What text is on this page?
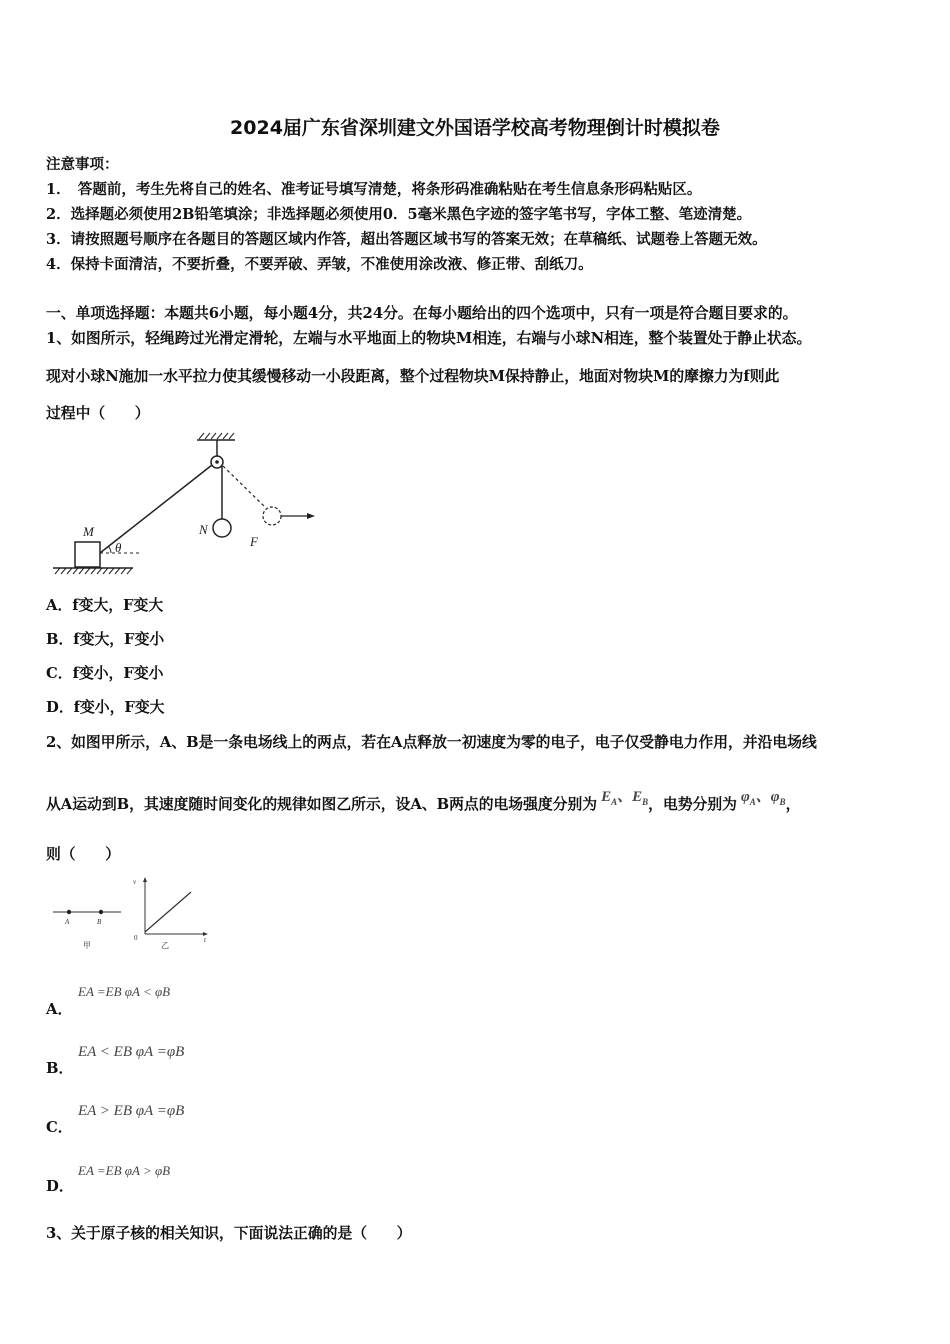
2024届广东省深圳建文外国语学校高考物理倒计时模拟卷
注意事项：
1．　答题前，考生先将自己的姓名、准考证号填写清楚，将条形码准确粘贴在考生信息条形码粘贴区。
2．选择题必须使用2B铅笔填涂；非选择题必须使用0．5毫米黑色字迹的签字笔书写，字体工整、笔迹清楚。
3．请按照题号顺序在各题目的答题区域内作答，超出答题区域书写的答案无效；在草稿纸、试题卷上答题无效。
4．保持卡面清洁，不要折叠，不要弄破、弄皱，不准使用涂改液、修正带、刮纸刀。
一、单项选择题：本题共6小题，每小题4分，共24分。在每小题给出的四个选项中，只有一项是符合题目要求的。
1、如图所示，轻绳跨过光滑定滑轮，左端与水平地面上的物块M相连，右端与小球N相连，整个装置处于静止状态。
现对小球N施加一水平拉力使其缓慢移动一小段距离，整个过程物块M保持静止，地面对物块M的摩擦力为f则此
过程中（　　）
M
θ
N
F
A．f变大，F变大
B．f变大，F变小
C．f变小，F变小
D．f变小，F变大
2、如图甲所示，A、B是一条电场线上的两点，若在A点释放一初速度为零的电子，电子仅受静电力作用，并沿电场线
从A运动到B，其速度随时间变化的规律如图乙所示，设A、B两点的电场强度分别为 $E_A$、$E_B$，电势分别为 $\varphi_A$、$\varphi_B$，
则（　　）
A	B
甲
v
0	t
乙
A．
EA =EB φA < φB
B．
EA < EB φA =φB
C．
EA > EB φA =φB
D．
EA =EB φA > φB
3、关于原子核的相关知识，下面说法正确的是（　　）
